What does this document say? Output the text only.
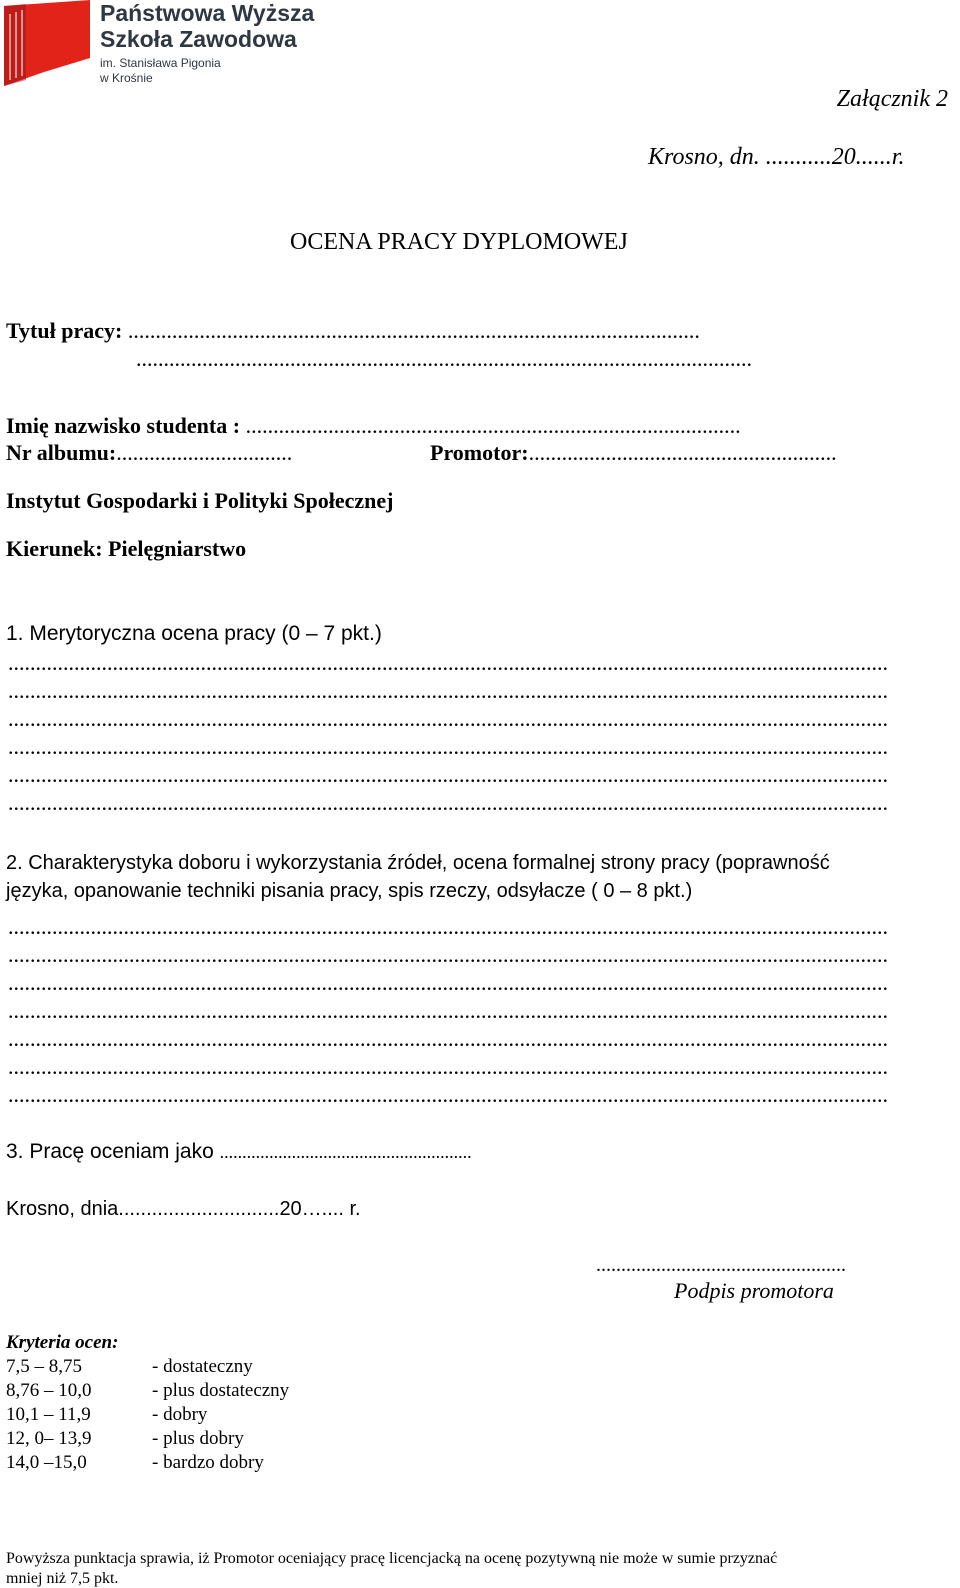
Państwowa Wyższa
Szkoła Zawodowa
im. Stanisława Pigonia
w Krośnie
Załącznik 2
Krosno, dn. ...........20......r.
OCENA PRACY DYPLOMOWEJ
Tytuł pracy: ........................................................................................................
................................................................................................................
Imię nazwisko studenta : ..........................................................................................
Nr albumu:................................	Promotor:........................................................
Instytut Gospodarki i Polityki Społecznej
Kierunek: Pielęgniarstwo
1. Merytoryczna ocena pracy (0 – 7 pkt.)
................................................................................................................................................................
................................................................................................................................................................
................................................................................................................................................................
................................................................................................................................................................
................................................................................................................................................................
................................................................................................................................................................
2. Charakterystyka doboru i wykorzystania źródeł, ocena formalnej strony pracy (poprawność
języka, opanowanie techniki pisania pracy, spis rzeczy, odsyłacze ( 0 – 8 pkt.)
................................................................................................................................................................
................................................................................................................................................................
................................................................................................................................................................
................................................................................................................................................................
................................................................................................................................................................
................................................................................................................................................................
................................................................................................................................................................
3. Pracę oceniam jako ........................................................
Krosno, dnia.............................20….... r.
..................................................
Podpis promotora
Kryteria ocen:
7,5 – 8,75	- dostateczny
8,76 – 10,0	- plus dostateczny
10,1 – 11,9	- dobry
12, 0– 13,9	- plus dobry
14,0 –15,0	- bardzo dobry
Powyższa punktacja sprawia, iż Promotor oceniający pracę licencjacką na ocenę pozytywną nie może w sumie przyznać
mniej niż 7,5 pkt.
